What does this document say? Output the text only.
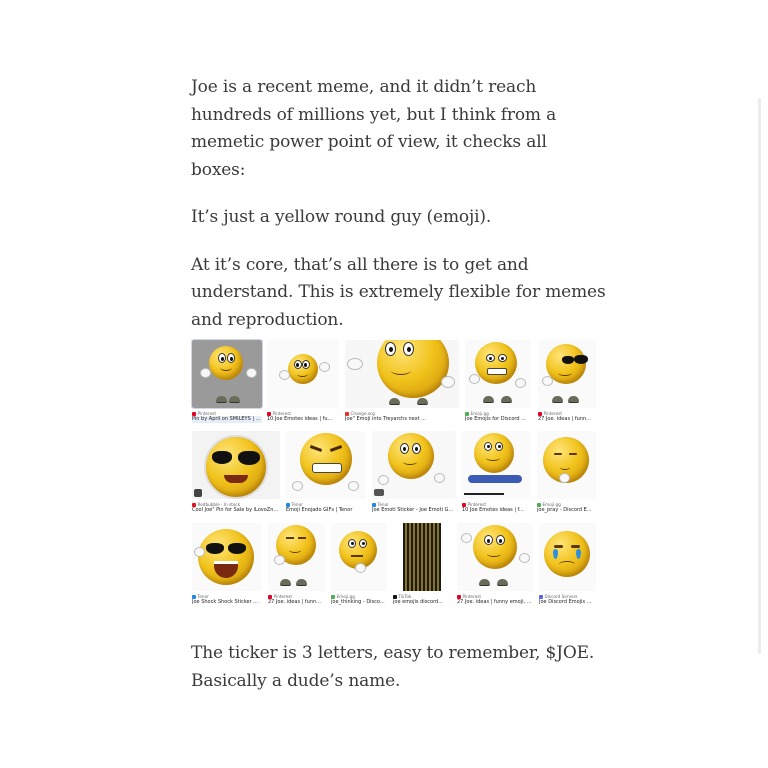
Joe is a recent meme, and it didn’t reach hundreds of millions yet, but I think from a memetic power point of view, it checks all boxes:

It’s just a yellow round guy (emoji).

At it’s core, that’s all there is to get and understand. This is extremely flexible for memes and reproduction.

Pinterest
Pin by April on SMILEYS | ...
Pinterest
10 Joe Emotes ideas | fu...
Change.org
Joe" Emoji into Treyarchs next ...
Emoji.gg
Joe Emojis for Discord ...
Pinterest
27 Joe. ideas | funn...
Redbubble · In stock
Cool Joe" Pin for Sale by iLovoZn...
Tenor
Emoji Enojado GIFs | Tenor
Tenor
Joe Emoti Sticker - Joe Emoti G...
Pinterest
10 Joe Emotes ideas | f...
Emoji.gg
joe_pray - Discord E...
Tenor
Joe Shock Shock Sticker ...
Pinterest
27 Joe. ideas | funn...
Emoji.gg
joe_thinking - Disco...
TikTok
joe emojis discord...
Pinterest
27 Joe. ideas | funny emoji, ...
Discord Servers
Joe Discord Emojis ...

The ticker is 3 letters, easy to remember, $JOE. Basically a dude’s name.
